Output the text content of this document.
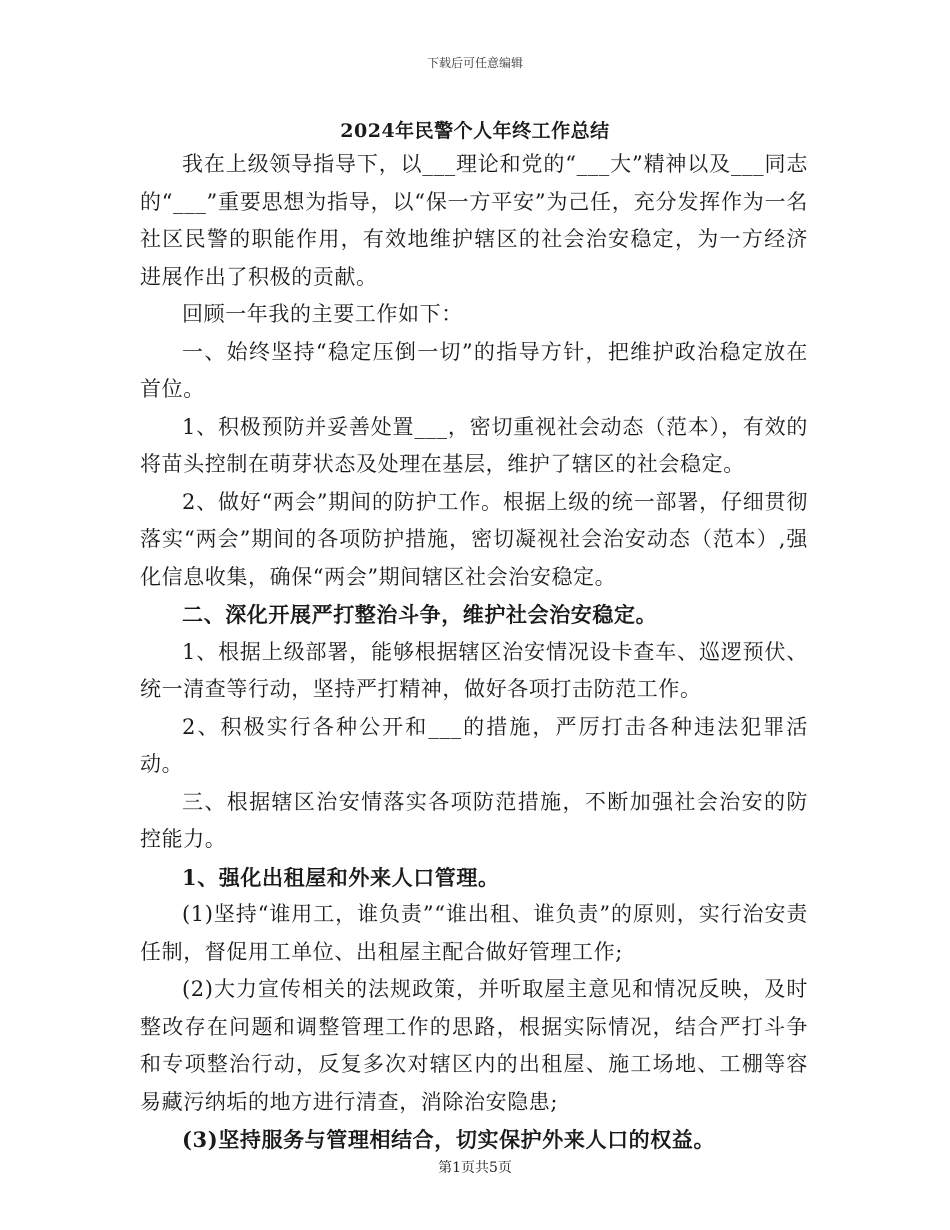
下载后可任意编辑
2024年民警个人年终工作总结

我在上级领导指导下，以___理论和党的“___大”精神以及___同志的“___”重要思想为指导，以“保一方平安”为己任，充分发挥作为一名社区民警的职能作用，有效地维护辖区的社会治安稳定，为一方经济进展作出了积极的贡献。

回顾一年我的主要工作如下：

一、始终坚持“稳定压倒一切”的指导方针，把维护政治稳定放在首位。

1、积极预防并妥善处置___，密切重视社会动态（范本），有效的将苗头控制在萌芽状态及处理在基层，维护了辖区的社会稳定。

2、做好“两会”期间的防护工作。根据上级的统一部署，仔细贯彻落实“两会”期间的各项防护措施，密切凝视社会治安动态（范本）,强化信息收集，确保“两会”期间辖区社会治安稳定。

二、深化开展严打整治斗争，维护社会治安稳定。

1、根据上级部署，能够根据辖区治安情况设卡查车、巡逻预伏、统一清查等行动，坚持严打精神，做好各项打击防范工作。

2、积极实行各种公开和___的措施，严厉打击各种违法犯罪活动。

三、根据辖区治安情落实各项防范措施，不断加强社会治安的防控能力。

1、强化出租屋和外来人口管理。

(1)坚持“谁用工，谁负责”“谁出租、谁负责”的原则，实行治安责任制，督促用工单位、出租屋主配合做好管理工作;

(2)大力宣传相关的法规政策，并听取屋主意见和情况反映，及时整改存在问题和调整管理工作的思路，根据实际情况，结合严打斗争和专项整治行动，反复多次对辖区内的出租屋、施工场地、工棚等容易藏污纳垢的地方进行清查，消除治安隐患;

(3)坚持服务与管理相结合，切实保护外来人口的权益。

第1页共5页
